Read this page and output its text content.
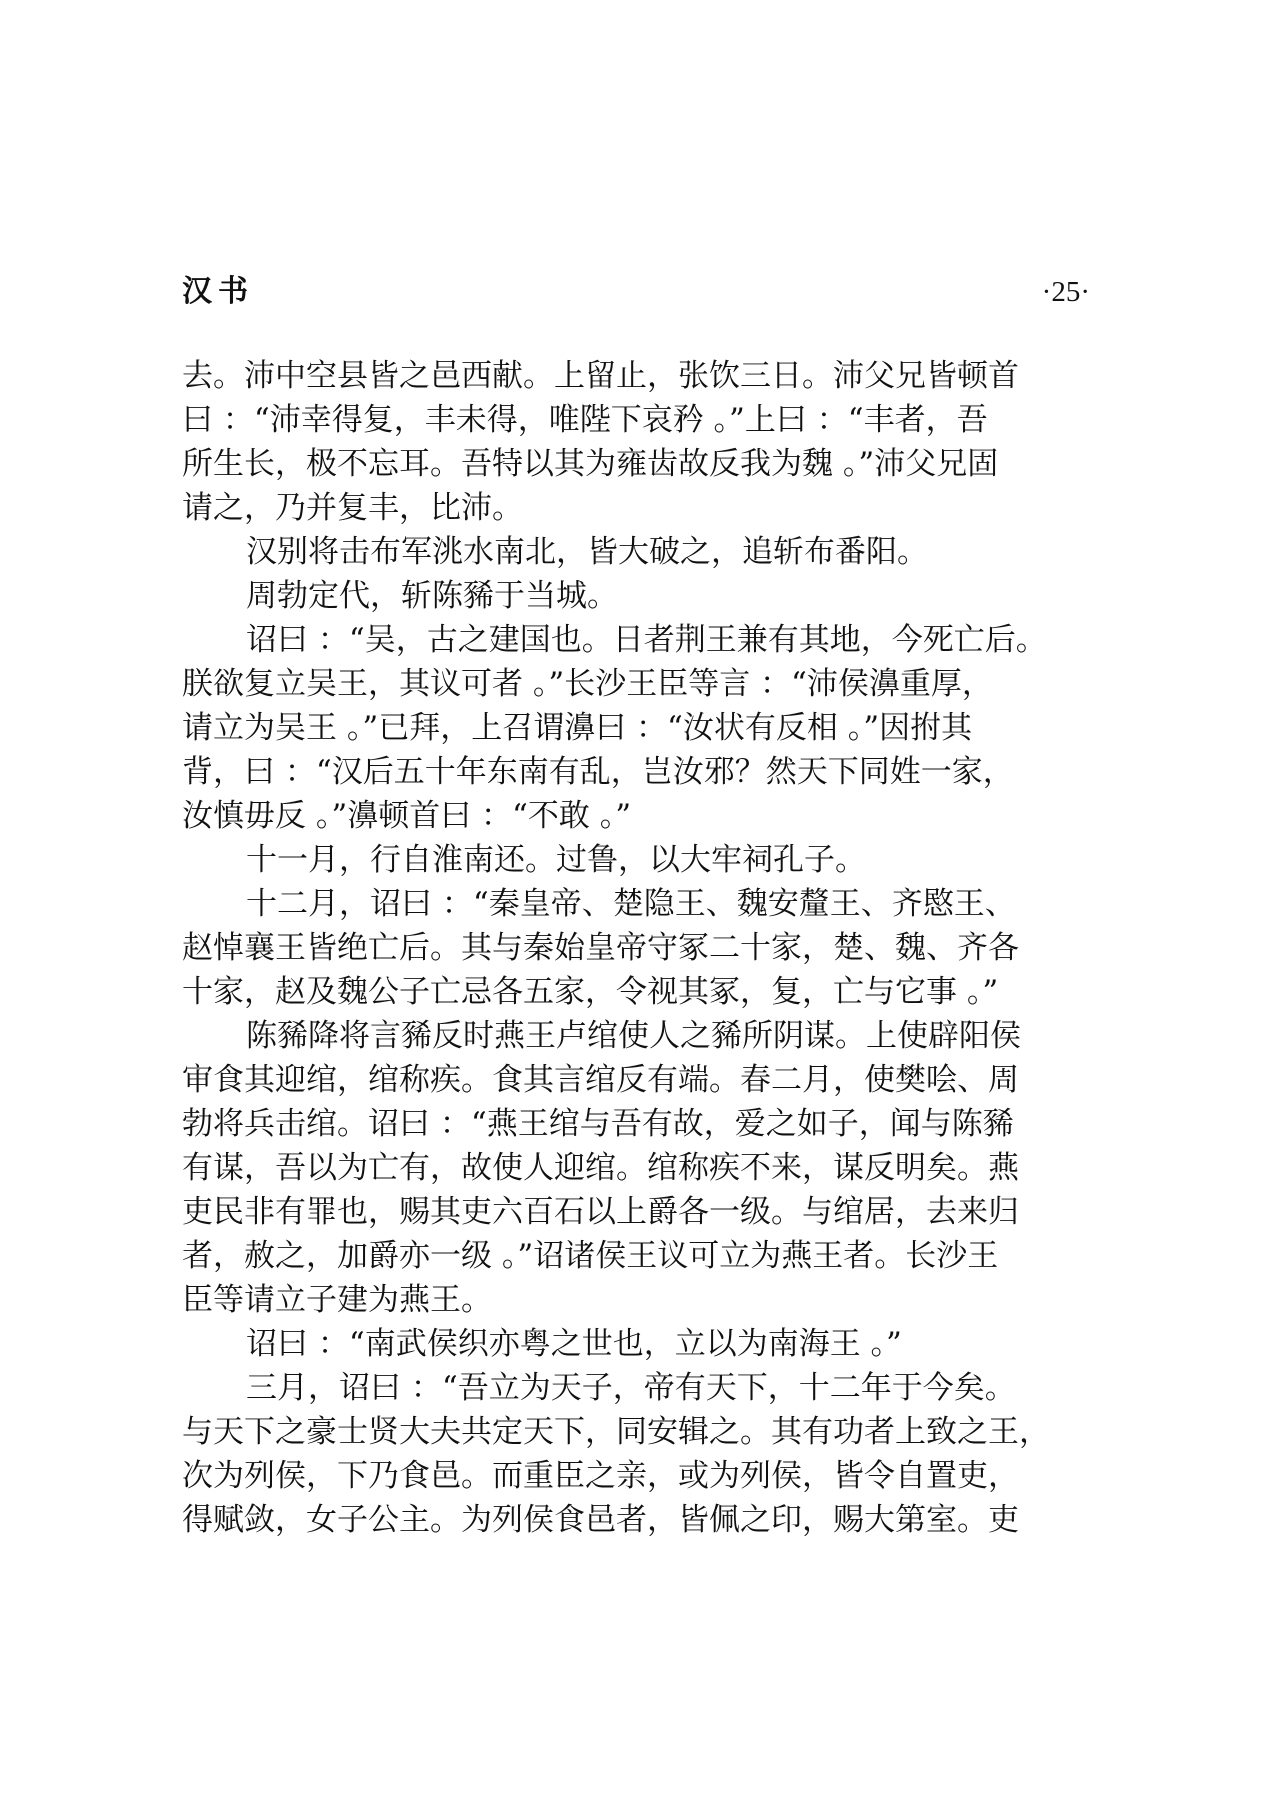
汉书	·25·
去。沛中空县皆之邑西献。上留止，张饮三日。沛父兄皆顿首
曰 ：“沛幸得复，丰未得，唯陛下哀矜 。”上曰 ：“丰者，吾
所生长，极不忘耳。吾特以其为雍齿故反我为魏 。”沛父兄固
请之，乃并复丰，比沛。
汉别将击布军洮水南北，皆大破之，追斩布番阳。
周勃定代，斩陈豨于当城。
诏曰 ：“吴，古之建国也。日者荆王兼有其地，今死亡后。
朕欲复立吴王，其议可者 。”长沙王臣等言 ：“沛侯濞重厚，
请立为吴王 。”已拜，上召谓濞曰 ：“汝状有反相 。”因拊其
背，曰 ：“汉后五十年东南有乱，岂汝邪？然天下同姓一家，
汝慎毋反 。”濞顿首曰 ：“不敢 。”
十一月，行自淮南还。过鲁，以大牢祠孔子。
十二月，诏曰 ：“秦皇帝、楚隐王、魏安釐王、齐愍王、
赵悼襄王皆绝亡后。其与秦始皇帝守冢二十家，楚、魏、齐各
十家，赵及魏公子亡忌各五家，令视其冢，复，亡与它事 。”
陈豨降将言豨反时燕王卢绾使人之豨所阴谋。上使辟阳侯
审食其迎绾，绾称疾。食其言绾反有端。春二月，使樊哙、周
勃将兵击绾。诏曰 ：“燕王绾与吾有故，爱之如子，闻与陈豨
有谋，吾以为亡有，故使人迎绾。绾称疾不来，谋反明矣。燕
吏民非有罪也，赐其吏六百石以上爵各一级。与绾居，去来归
者，赦之，加爵亦一级 。”诏诸侯王议可立为燕王者。长沙王
臣等请立子建为燕王。
诏曰 ：“南武侯织亦粤之世也，立以为南海王 。”
三月，诏曰 ：“吾立为天子，帝有天下，十二年于今矣。
与天下之豪士贤大夫共定天下，同安辑之。其有功者上致之王，
次为列侯，下乃食邑。而重臣之亲，或为列侯，皆令自置吏，
得赋敛，女子公主。为列侯食邑者，皆佩之印，赐大第室。吏
